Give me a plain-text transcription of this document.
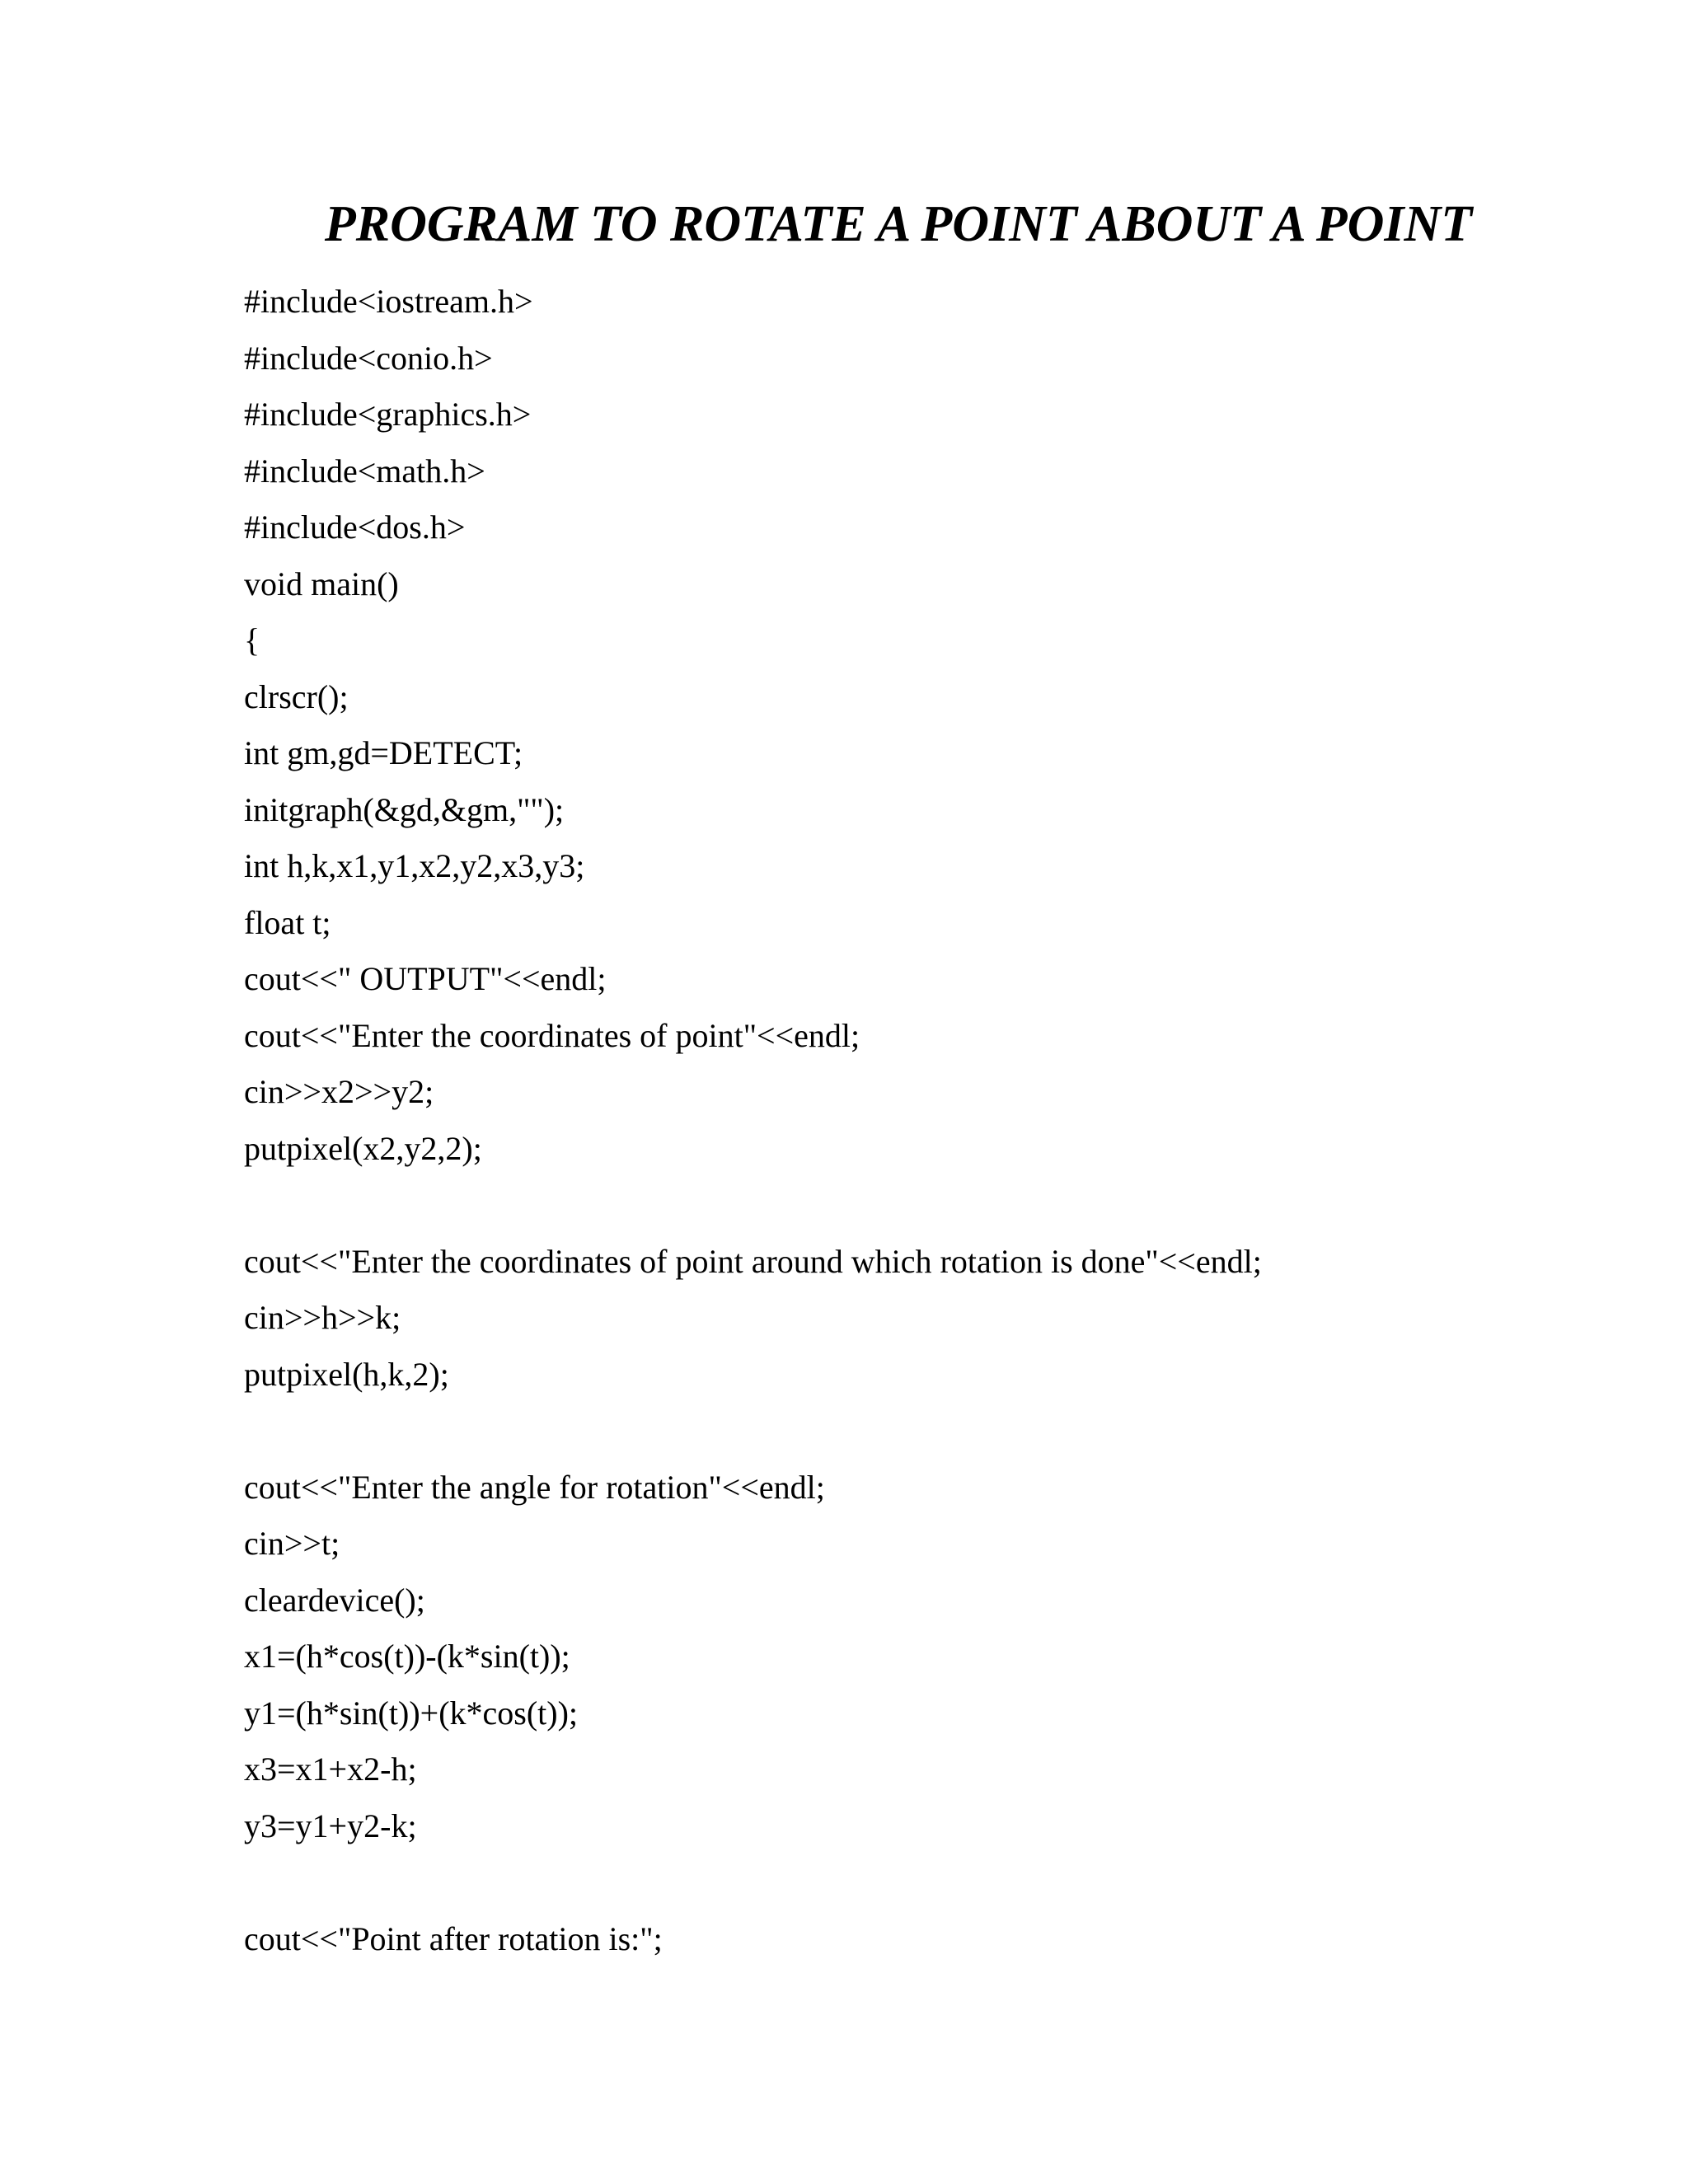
PROGRAM TO ROTATE A POINT ABOUT A POINT
#include<iostream.h>
#include<conio.h>
#include<graphics.h>
#include<math.h>
#include<dos.h>
void main()
{
clrscr();
int gm,gd=DETECT;
initgraph(&gd,&gm,"");
int h,k,x1,y1,x2,y2,x3,y3;
float t;
cout<<" OUTPUT"<<endl;
cout<<"Enter the coordinates of point"<<endl;
cin>>x2>>y2;
putpixel(x2,y2,2);
cout<<"Enter the coordinates of point around which rotation is done"<<endl;
cin>>h>>k;
putpixel(h,k,2);
cout<<"Enter the angle for rotation"<<endl;
cin>>t;
cleardevice();
x1=(h*cos(t))-(k*sin(t));
y1=(h*sin(t))+(k*cos(t));
x3=x1+x2-h;
y3=y1+y2-k;
cout<<"Point after rotation is:";
